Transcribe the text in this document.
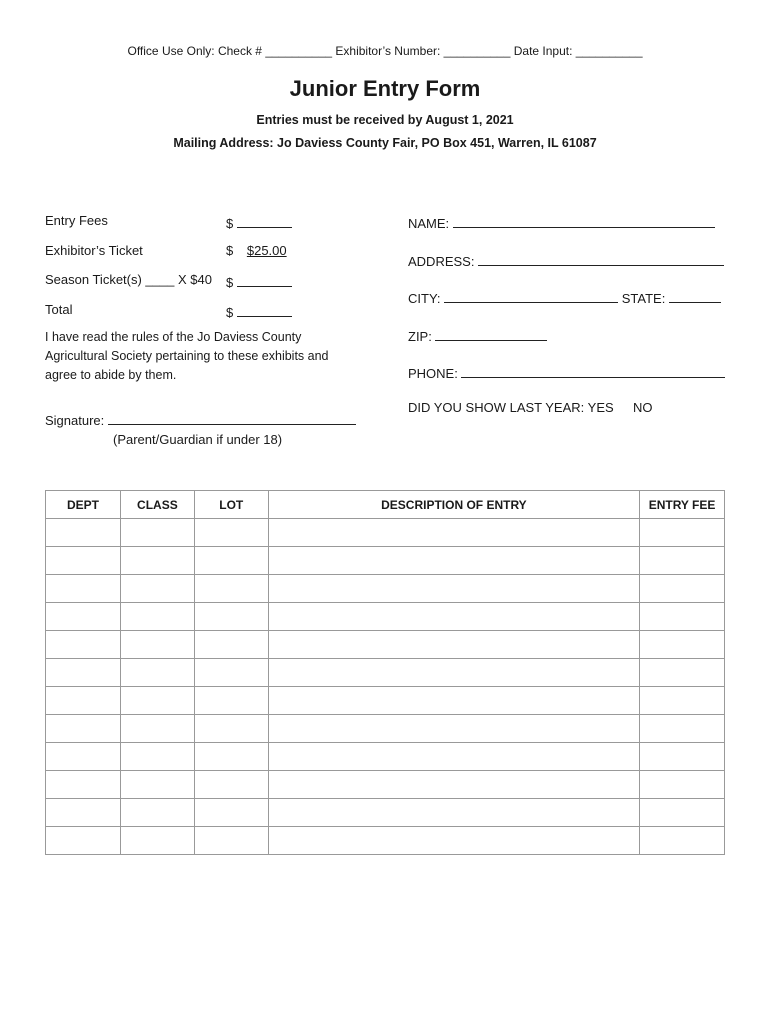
Office Use Only: Check # __________ Exhibitor’s Number: __________ Date Input: __________
Junior Entry Form
Entries must be received by August 1, 2021
Mailing Address: Jo Daviess County Fair, PO Box 451, Warren, IL 61087
Entry Fees	$
Exhibitor’s Ticket	$ $25.00
Season Ticket(s) ____ X $40 $
Total	$
I have read the rules of the Jo Daviess County Agricultural Society pertaining to these exhibits and agree to abide by them.
Signature:
(Parent/Guardian if under 18)
NAME:
ADDRESS:
CITY:	STATE:
ZIP:
PHONE:
DID YOU SHOW LAST YEAR: YES NO
DEPT	CLASS	LOT	DESCRIPTION OF ENTRY	ENTRY FEE
